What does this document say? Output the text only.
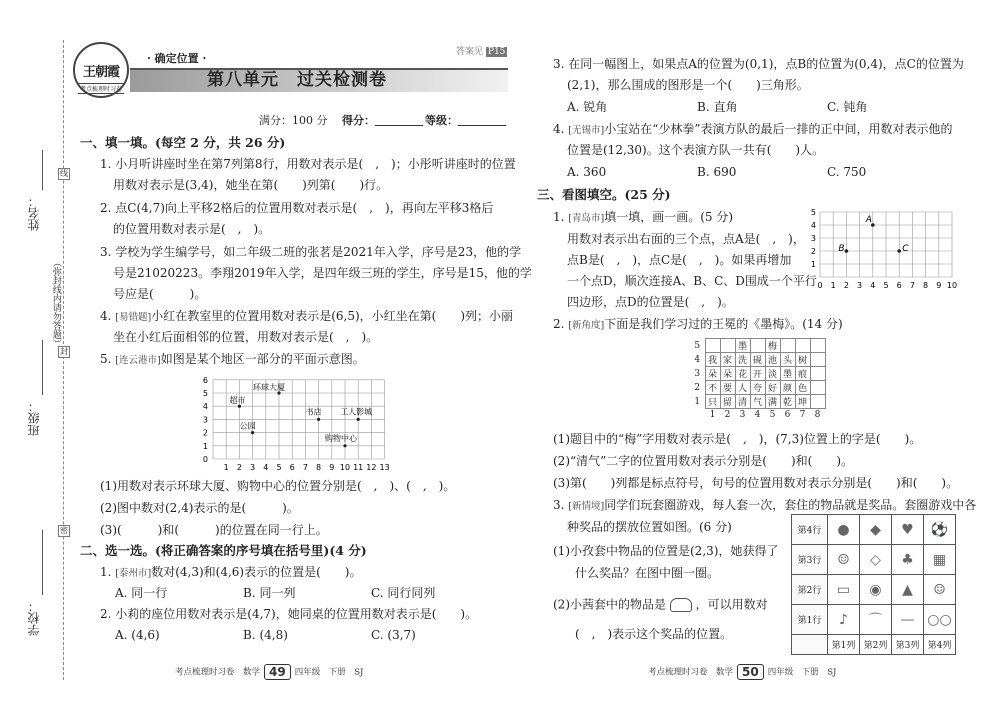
姓名：
班级：
学校：
线
封
密
（弥封线内请勿答题）
王朝霞
考点梳理时习卷
· 确定位置 ·	答案见 P15
第八单元　过关检测卷
满分：100 分 得分：	等级：
一、填一填。(每空 2 分，共 26 分)
1. 小月听讲座时坐在第7列第8行，用数对表示是(　,　)；小彤听讲座时的位置
用数对表示是(3,4)，她坐在第(　　)列第(　　)行。
2. 点C(4,7)向上平移2格后的位置用数对表示是(　,　)，再向左平移3格后
的位置用数对表示是(　,　)。
3. 学校为学生编学号，如二年级二班的张茗是2021年入学，序号是23，他的学
号是21020223。李翔2019年入学，是四年级三班的学生，序号是15，他的学
号应是(　　　)。
4. [易错题]小红在教室里的位置用数对表示是(6,5)，小红坐在第(　　)列；小丽
坐在小红后面相邻的位置，用数对表示是(　,　)。
5. [连云港市]如图是某个地区一部分的平面示意图。
1 2 3 4 5 6 7 8 9 10 11 12 13
0
1
2
3
4
5
6
超市
环球大厦
公园
书店 工人影城
购物中心
(1)用数对表示环球大厦、购物中心的位置分别是(　,　)、(　,　)。
(2)图中数对(2,4)表示的是(　　　)。
(3)(　　　)和(　　　)的位置在同一行上。
二、选一选。(将正确答案的序号填在括号里)(4 分)
1. [泰州市]数对(4,3)和(4,6)表示的位置是(　　)。
A. 同一行	B. 同一列	C. 同行同列
2. 小莉的座位用数对表示是(4,7)，她同桌的位置用数对表示是(　　)。
A. (4,6)	B. (4,8)	C. (3,7)
考点梳理时习卷　数学 49 四年级　下册　SJ
3. 在同一幅图上，如果点A的位置为(0,1)，点B的位置为(0,4)，点C的位置为
(2,1)，那么围成的图形是一个(　　)三角形。
A. 锐角	B. 直角	C. 钝角
4. [无锡市]小宝站在“少林拳”表演方队的最后一排的正中间，用数对表示他的
位置是(12,30)。这个表演方队一共有(　　)人。
A. 360	B. 690	C. 750
三、看图填空。(25 分)
1. [青岛市]填一填，画一画。(5 分)
用数对表示出右面的三个点，点A是(　,　)，
点B是(　,　)，点C是(　,　)。如果再增加
一个点D，顺次连接A、B、C、D围成一个平行
四边形，点D的位置是(　,　)。
0 1 2 3 4 5 6 7 8 9 10
1
2
3
4
5
A
B	C
2. [新角度]下面是我们学习过的王冕的《墨梅》。(14 分)
5			墨		梅			
4	我	家	洗	砚	池	头	树	
3	朵	朵	花	开	淡	墨	痕	
2	不	要	人	夸	好	颜	色	
1	只	留	清	气	满	乾	坤	
	1	2	3	4	5	6	7	8
(1)题目中的“梅”字用数对表示是(　,　)，(7,3)位置上的字是(　　)。
(2)“清气”二字的位置用数对表示分别是(　　)和(　　)。
(3)第(　　)列都是标点符号，句号的位置用数对表示分别是(　　)和(　　)。
3. [新情境]同学们玩套圈游戏，每人套一次，套住的物品就是奖品。套圈游戏中各
种奖品的摆放位置如图。(6 分)
(1)小孜套中物品的位置是(2,3)，她获得了
什么奖品？在图中圈一圈。
(2)小茜套中的物品是 ，可以用数对
(　,　)表示这个奖品的位置。
第4行	●	◆	♥	⚽
第3行	☺	◇	♣	▦
第2行	▭	◉	▲	☺
第1行	♪	⌒	—	○○
	第1列	第2列	第3列	第4列
考点梳理时习卷　数学 50 四年级　下册　SJ
